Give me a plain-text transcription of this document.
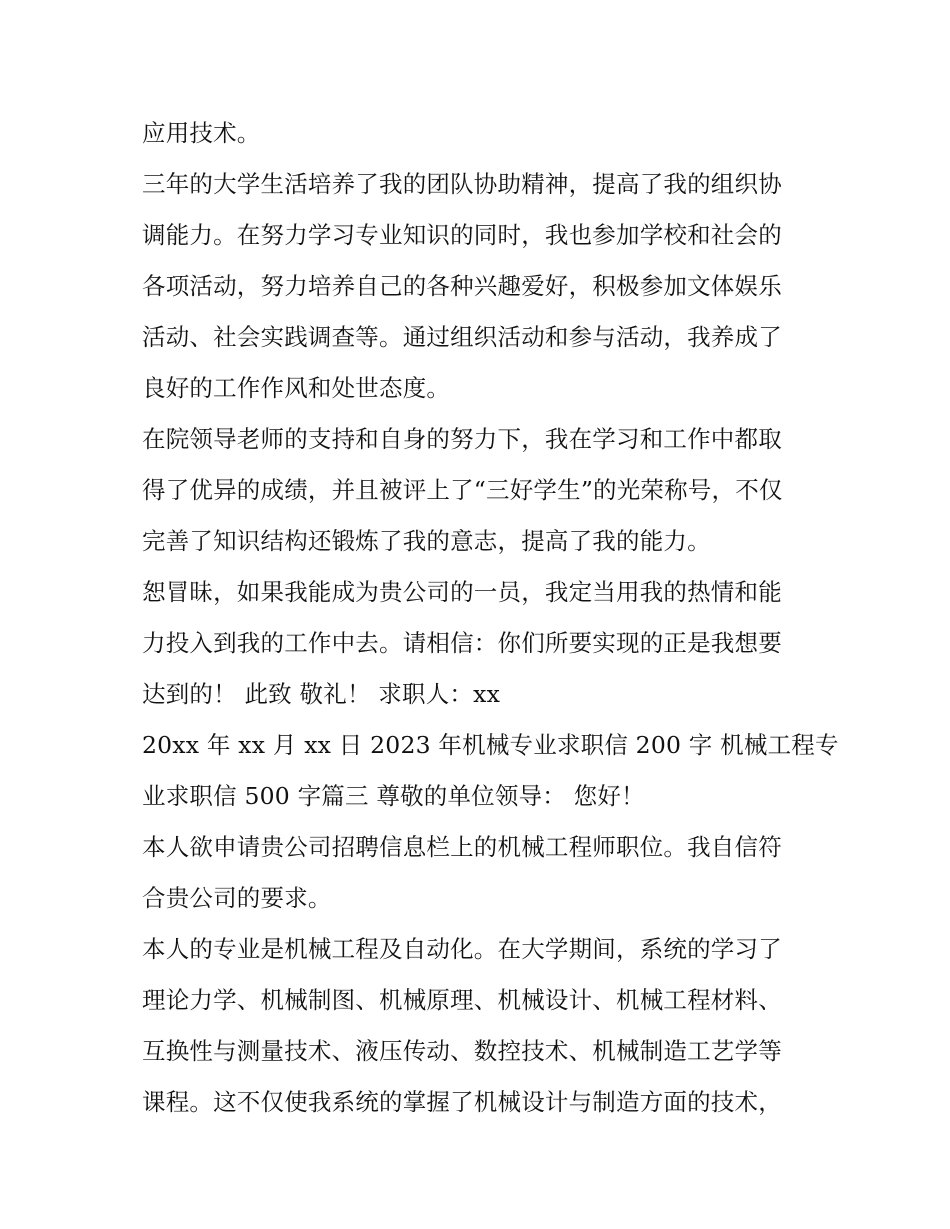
应用技术。
三年的大学生活培养了我的团队协助精神，提高了我的组织协
调能力。在努力学习专业知识的同时，我也参加学校和社会的
各项活动，努力培养自己的各种兴趣爱好，积极参加文体娱乐
活动、社会实践调查等。通过组织活动和参与活动，我养成了
良好的工作作风和处世态度。
在院领导老师的支持和自身的努力下，我在学习和工作中都取
得了优异的成绩，并且被评上了“三好学生”的光荣称号，不仅
完善了知识结构还锻炼了我的意志，提高了我的能力。
恕冒昧，如果我能成为贵公司的一员，我定当用我的热情和能
力投入到我的工作中去。请相信：你们所要实现的正是我想要
达到的！ 此致 敬礼！ 求职人：xx
20xx 年 xx 月 xx 日 2023 年机械专业求职信 200 字 机械工程专
业求职信 500 字篇三 尊敬的单位领导： 您好！
本人欲申请贵公司招聘信息栏上的机械工程师职位。我自信符
合贵公司的要求。
本人的专业是机械工程及自动化。在大学期间，系统的学习了
理论力学、机械制图、机械原理、机械设计、机械工程材料、
互换性与测量技术、液压传动、数控技术、机械制造工艺学等
课程。这不仅使我系统的掌握了机械设计与制造方面的技术，
